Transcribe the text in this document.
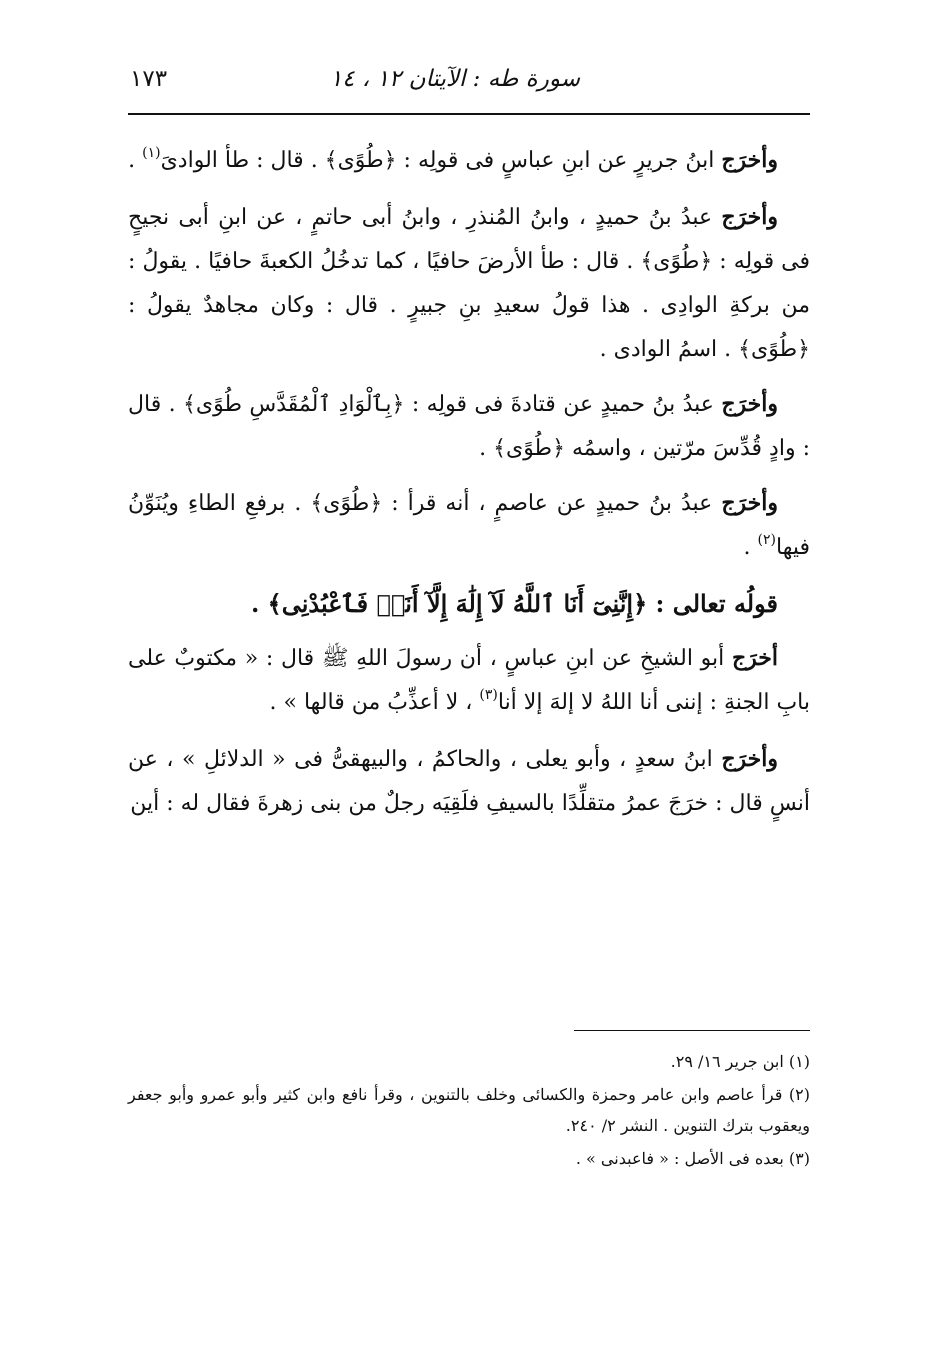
سورة طه : الآيتان ١٢ ، ١٤
١٧٣

وأخرَج ابنُ جريرٍ عن ابنِ عباسٍ فى قولِه : ﴿طُوًى﴾ . قال : طأ الوادىَ$^{(١)}$ .

وأخرَج عبدُ بنُ حميدٍ ، وابنُ المُنذرِ ، وابنُ أبى حاتمٍ ، عن ابنِ أبى نجيحٍ فى قولِه : ﴿طُوًى﴾ . قال : طأ الأرضَ حافيًا ، كما تدخُلُ الكعبةَ حافيًا . يقولُ : من بركةِ الوادِى . هذا قولُ سعيدِ بنِ جبيرٍ . قال : وكان مجاهدٌ يقولُ : ﴿طُوًى﴾ . اسمُ الوادى .

وأخرَج عبدُ بنُ حميدٍ عن قتادةَ فى قولِه : ﴿بِٱلْوَادِ ٱلْمُقَدَّسِ طُوًى﴾ . قال : وادٍ قُدِّسَ مرّتين ، واسمُه ﴿طُوًى﴾ .

وأخرَج عبدُ بنُ حميدٍ عن عاصمٍ ، أنه قرأ : ﴿طُوًى﴾ . برفعِ الطاءِ ويُنَوِّنُ فيها$^{(٢)}$ .

قولُه تعالى : ﴿إِنَّنِىٓ أَنَا ٱللَّهُ لَآ إِلَٰهَ إِلَّآ أَنَا۠ فَٱعْبُدْنِى﴾ .

أخرَج أبو الشيخِ عن ابنِ عباسٍ ، أن رسولَ اللهِ ﷺ قال : « مكتوبٌ على بابِ الجنةِ : إننى أنا اللهُ لا إلهَ إلا أنا$^{(٣)}$ ، لا أعذِّبُ من قالها » .

وأخرَج ابنُ سعدٍ ، وأبو يعلى ، والحاكمُ ، والبيهقىُّ فى « الدلائلِ » ، عن أنسٍ قال : خرَجَ عمرُ متقلِّدًا بالسيفِ فلَقِيَه رجلٌ من بنى زهرةَ فقال له : أين

(١) ابن جرير ١٦/ ٢٩.

(٢) قرأ عاصم وابن عامر وحمزة والكسائى وخلف بالتنوين ، وقرأ نافع وابن كثير وأبو عمرو وأبو جعفر ويعقوب بترك التنوين . النشر ٢/ ٢٤٠.

(٣) بعده فى الأصل : « فاعبدنى » .
